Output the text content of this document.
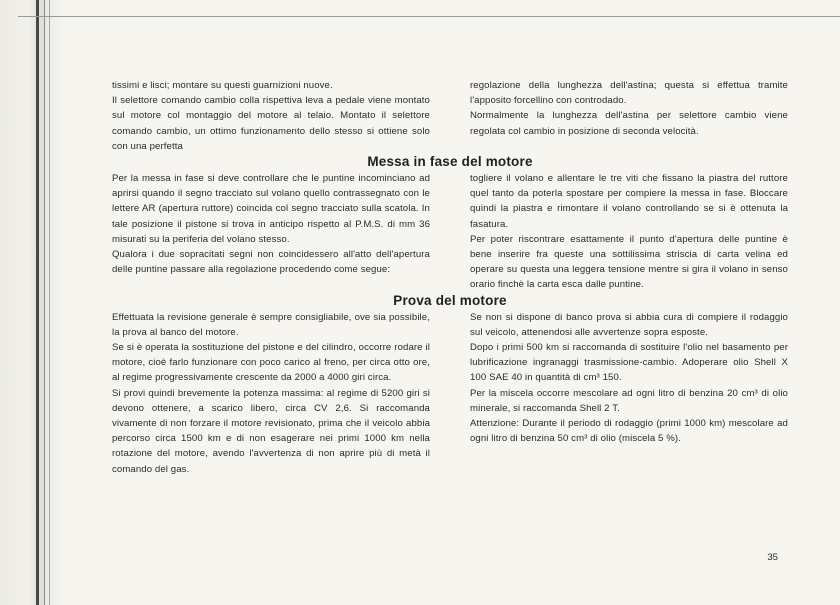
tissimi e lisci; montare su questi guarnizioni nuove.

Il selettore comando cambio colla rispettiva leva a pedale viene montato sul motore col montaggio del motore al telaio. Montato il selettore comando cambio, un ottimo funzionamento dello stesso si ottiene solo con una perfetta

regolazione della lunghezza dell'astina; questa si effettua tramite l'apposito forcellino con controdado.

Normalmente la lunghezza dell'astina per selettore cambio viene regolata col cambio in posizione di seconda velocità.

Messa in fase del motore

Per la messa in fase si deve controllare che le puntine incominciano ad aprirsi quando il segno tracciato sul volano quello contrassegnato con le lettere AR (apertura ruttore) coincida col segno tracciato sulla scatola. In tale posizione il pistone si trova in anticipo rispetto al P.M.S. di mm 36 misurati su la periferia del volano stesso.

Qualora i due sopracitati segni non coincidessero all'atto dell'apertura delle puntine passare alla regolazione procedendo come segue:

togliere il volano e allentare le tre viti che fissano la piastra del ruttore quel tanto da poterla spostare per compiere la messa in fase. Bloccare quindi la piastra e rimontare il volano controllando se si è ottenuta la fasatura.

Per poter riscontrare esattamente il punto d'apertura delle puntine è bene inserire fra queste una sottilissima striscia di carta velina ed operare su questa una leggera tensione mentre si gira il volano in senso orario finchè la carta esca dalle puntine.

Prova del motore

Effettuata la revisione generale è sempre consigliabile, ove sia possibile, la prova al banco del motore.

Se si è operata la sostituzione del pistone e del cilindro, occorre rodare il motore, cioè farlo funzionare con poco carico al freno, per circa otto ore, al regime progressivamente crescente da 2000 a 4000 giri circa.

Si provi quindi brevemente la potenza massima: al regime di 5200 giri si devono ottenere, a scarico libero, circa CV 2,6. Si raccomanda vivamente di non forzare il motore revisionato, prima che il veicolo abbia percorso circa 1500 km e di non esagerare nei primi 1000 km nella rotazione del motore, avendo l'avvertenza di non aprire più di metà il comando del gas.

Se non si dispone di banco prova si abbia cura di compiere il rodaggio sul veicolo, attenendosi alle avvertenze sopra esposte.

Dopo i primi 500 km si raccomanda di sostituire l'olio nel basamento per lubrificazione ingranaggi trasmissione-cambio. Adoperare olio Shell X 100 SAE 40 in quantità di cm³ 150.

Per la miscela occorre mescolare ad ogni litro di benzina 20 cm³ di olio minerale, si raccomanda Shell 2 T.

Attenzione: Durante il periodo di rodaggio (primi 1000 km) mescolare ad ogni litro di benzina 50 cm³ di olio (miscela 5 %).

35
